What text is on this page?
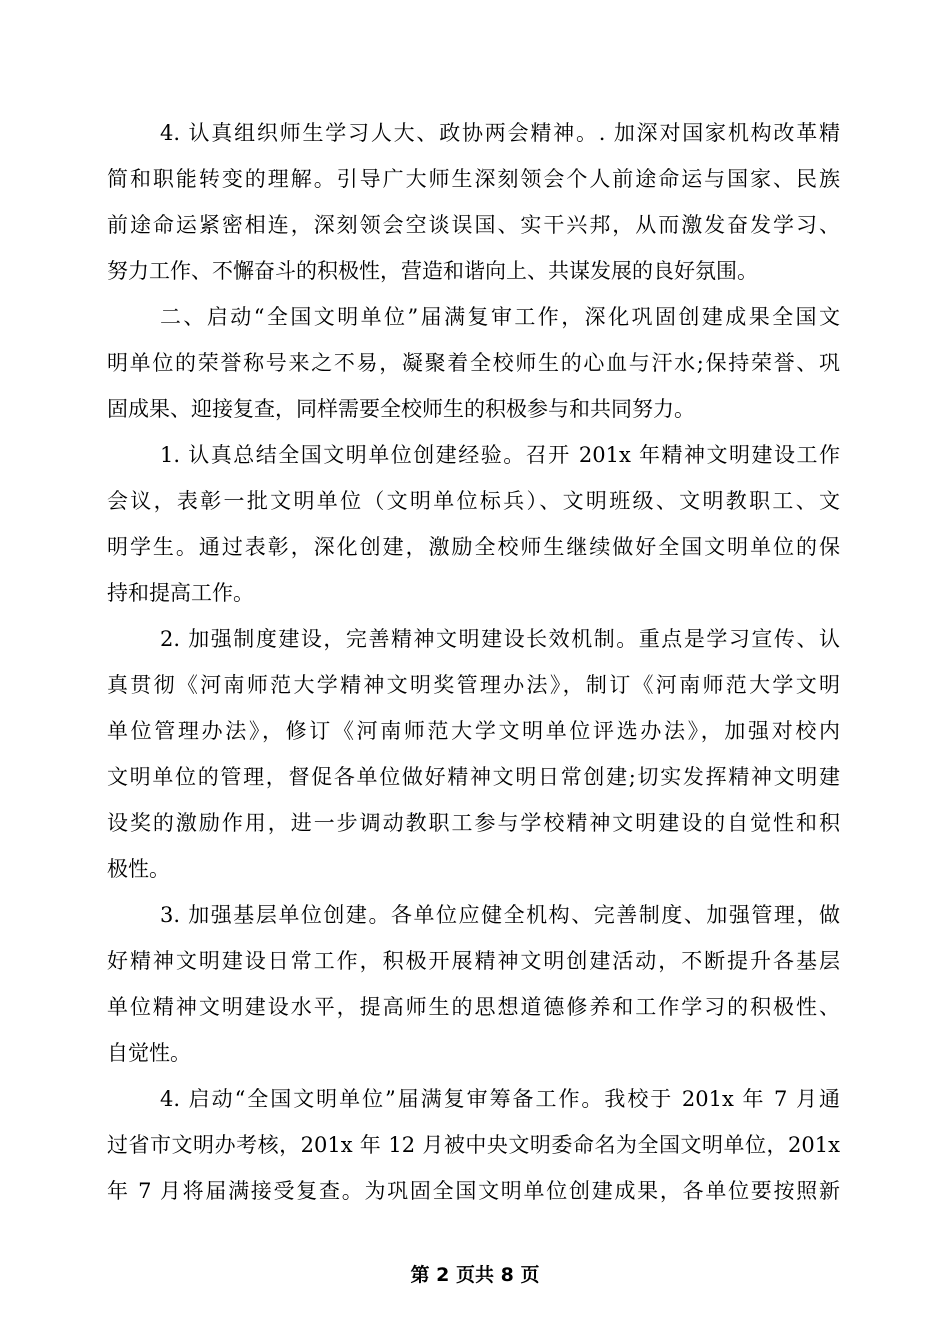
4. 认真组织师生学习人大、政协两会精神。. 加深对国家机构改革精
简和职能转变的理解。引导广大师生深刻领会个人前途命运与国家、民族
前途命运紧密相连，深刻领会空谈误国、实干兴邦，从而激发奋发学习、
努力工作、不懈奋斗的积极性，营造和谐向上、共谋发展的良好氛围。
二、启动“全国文明单位”届满复审工作，深化巩固创建成果全国文
明单位的荣誉称号来之不易，凝聚着全校师生的心血与汗水;保持荣誉、巩
固成果、迎接复查，同样需要全校师生的积极参与和共同努力。
1. 认真总结全国文明单位创建经验。召开 201x 年精神文明建设工作
会议，表彰一批文明单位（文明单位标兵）、文明班级、文明教职工、文
明学生。通过表彰，深化创建，激励全校师生继续做好全国文明单位的保
持和提高工作。
2. 加强制度建设，完善精神文明建设长效机制。重点是学习宣传、认
真贯彻《河南师范大学精神文明奖管理办法》，制订《河南师范大学文明
单位管理办法》，修订《河南师范大学文明单位评选办法》，加强对校内
文明单位的管理，督促各单位做好精神文明日常创建;切实发挥精神文明建
设奖的激励作用，进一步调动教职工参与学校精神文明建设的自觉性和积
极性。
3. 加强基层单位创建。各单位应健全机构、完善制度、加强管理，做
好精神文明建设日常工作，积极开展精神文明创建活动，不断提升各基层
单位精神文明建设水平，提高师生的思想道德修养和工作学习的积极性、
自觉性。
4. 启动“全国文明单位”届满复审筹备工作。我校于 201x 年 7 月通
过省市文明办考核，201x 年 12 月被中央文明委命名为全国文明单位，201x
年 7 月将届满接受复查。为巩固全国文明单位创建成果，各单位要按照新
第 2 页共 8 页
